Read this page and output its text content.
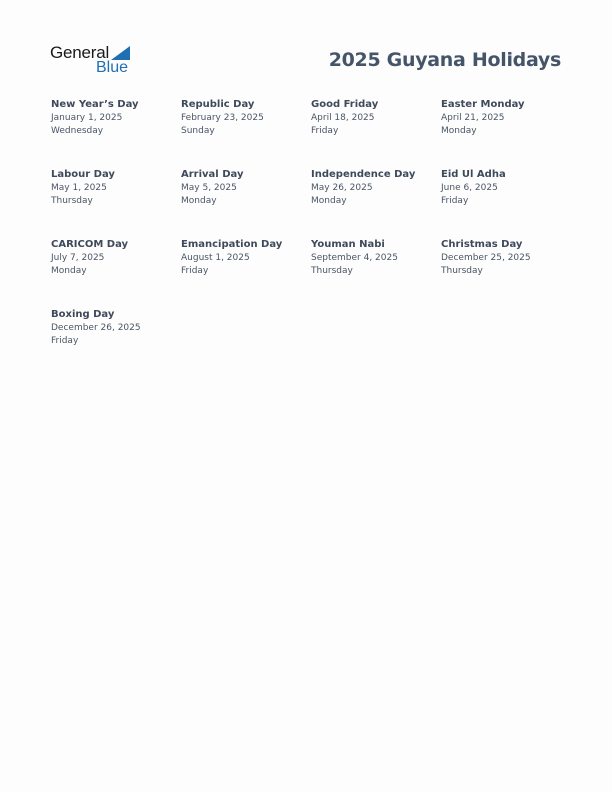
General
Blue	2025 Guyana Holidays
New Year’s Day
January 1, 2025
Wednesday
Republic Day
February 23, 2025
Sunday
Good Friday
April 18, 2025
Friday
Easter Monday
April 21, 2025
Monday
Labour Day
May 1, 2025
Thursday
Arrival Day
May 5, 2025
Monday
Independence Day
May 26, 2025
Monday
Eid Ul Adha
June 6, 2025
Friday
CARICOM Day
July 7, 2025
Monday
Emancipation Day
August 1, 2025
Friday
Youman Nabi
September 4, 2025
Thursday
Christmas Day
December 25, 2025
Thursday
Boxing Day
December 26, 2025
Friday
